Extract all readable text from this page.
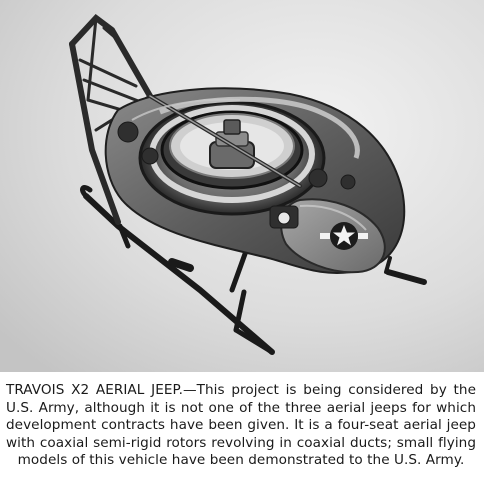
TRAVOIS X2 AERIAL JEEP.—This project is being considered by the U.S. Army, although it is not one of the three aerial jeeps for which development contracts have been given. It is a four-seat aerial jeep with coaxial semi-rigid rotors revolving in coaxial ducts; small flying models of this vehicle have been demonstrated to the U.S. Army.
